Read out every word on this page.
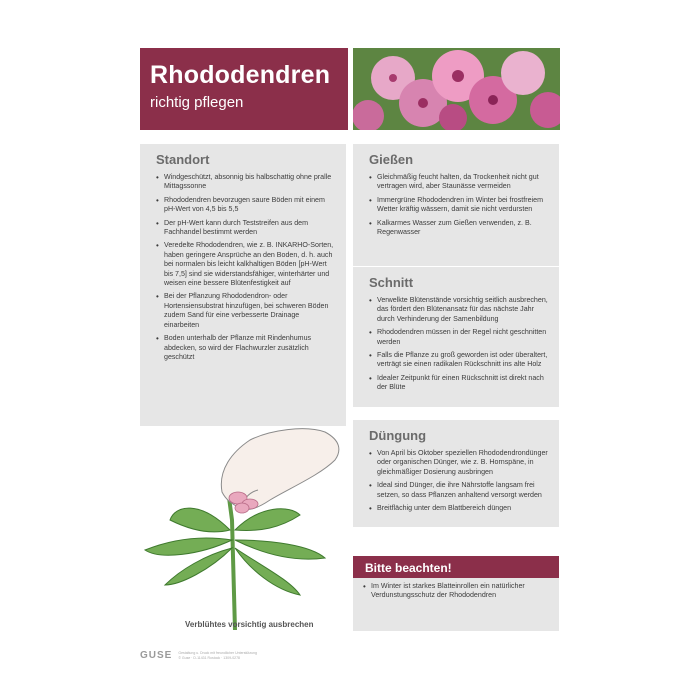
Rhododendren
richtig pflegen
Standort
• Windgeschützt, absonnig bis halbschattig ohne pralle Mittagssonne
• Rhododendren bevorzugen saure Böden mit einem pH-Wert von 4,5 bis 5,5
• Der pH-Wert kann durch Teststreifen aus dem Fachhandel bestimmt werden
• Veredelte Rhododendren, wie z. B. INKARHO-Sorten, haben geringere Ansprüche an den Boden, d. h. auch bei normalen bis leicht kalkhaltigen Böden [pH-Wert bis 7,5] sind sie widerstandsfähiger, winterhärter und weisen eine bessere Blütenfestigkeit auf
• Bei der Pflanzung Rhododendron- oder Hortensiensubstrat hinzufügen, bei schweren Böden zudem Sand für eine verbesserte Drainage einarbeiten
• Boden unterhalb der Pflanze mit Rindenhumus abdecken, so wird der Flachwurzler zusätzlich geschützt
Gießen
• Gleichmäßig feucht halten, da Trockenheit nicht gut vertragen wird, aber Staunässe vermeiden
• Immergrüne Rhododendren im Winter bei frostfreiem Wetter kräftig wässern, damit sie nicht verdursten
• Kalkarmes Wasser zum Gießen verwenden, z. B. Regenwasser
Schnitt
• Verwelkte Blütenstände vorsichtig seitlich ausbrechen, das fördert den Blütenansatz für das nächste Jahr durch Verhinderung der Samenbildung
• Rhododendren müssen in der Regel nicht geschnitten werden
• Falls die Pflanze zu groß geworden ist oder überaltert, verträgt sie einen radikalen Rückschnitt ins alte Holz
• Idealer Zeitpunkt für einen Rückschnitt ist direkt nach der Blüte
Düngung
• Von April bis Oktober speziellen Rhododendrondünger oder organischen Dünger, wie z. B. Hornspäne, in gleichmäßiger Dosierung ausbringen
• Ideal sind Dünger, die ihre Nährstoffe langsam frei setzen, so dass Pflanzen anhaltend versorgt werden
• Breitflächig unter dem Blattbereich düngen
Bitte beachten!
• Im Winter ist starkes Blatteinrollen ein natürlicher Verdunstungsschutz der Rhododendren
Verblühtes vorsichtig ausbrechen
GUSE Gestaltung u. Druck mit freundlicher Unterstützung
© Guse · D-11431 Rostock · 1309-0278
